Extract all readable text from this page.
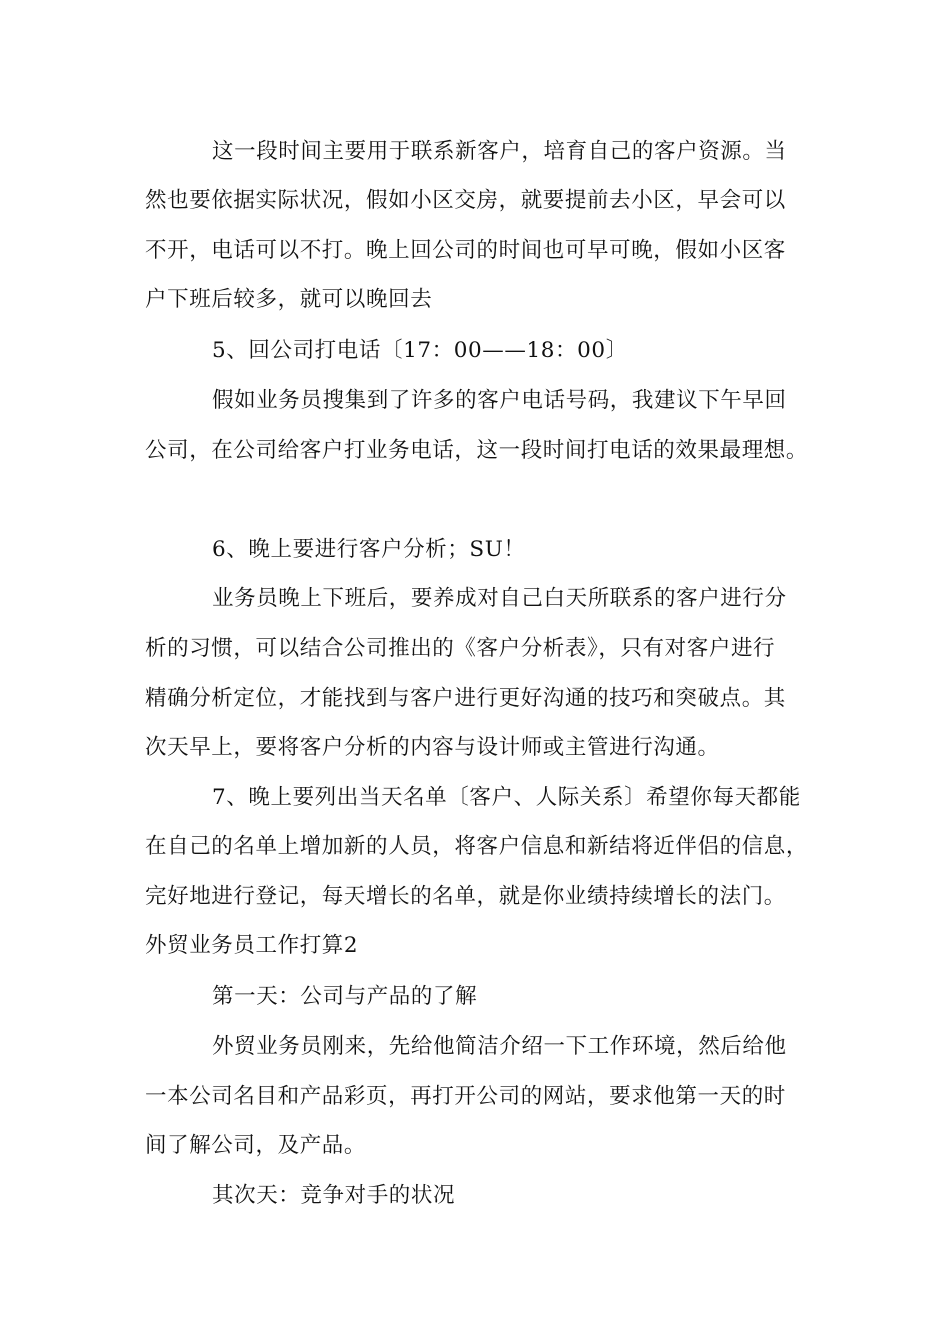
这一段时间主要用于联系新客户，培育自己的客户资源。当
然也要依据实际状况，假如小区交房，就要提前去小区，早会可以
不开，电话可以不打。晚上回公司的时间也可早可晚，假如小区客
户下班后较多，就可以晚回去
5、回公司打电话〔17：00——18：00〕
假如业务员搜集到了许多的客户电话号码，我建议下午早回
公司，在公司给客户打业务电话，这一段时间打电话的效果最理想。
6、晚上要进行客户分析；SU！
业务员晚上下班后，要养成对自己白天所联系的客户进行分
析的习惯，可以结合公司推出的《客户分析表》，只有对客户进行
精确分析定位，才能找到与客户进行更好沟通的技巧和突破点。其
次天早上，要将客户分析的内容与设计师或主管进行沟通。
7、晚上要列出当天名单〔客户、人际关系〕希望你每天都能
在自己的名单上增加新的人员，将客户信息和新结将近伴侣的信息，
完好地进行登记，每天增长的名单，就是你业绩持续增长的法门。
外贸业务员工作打算2
第一天：公司与产品的了解
外贸业务员刚来，先给他简洁介绍一下工作环境，然后给他
一本公司名目和产品彩页，再打开公司的网站，要求他第一天的时
间了解公司，及产品。
其次天：竞争对手的状况
